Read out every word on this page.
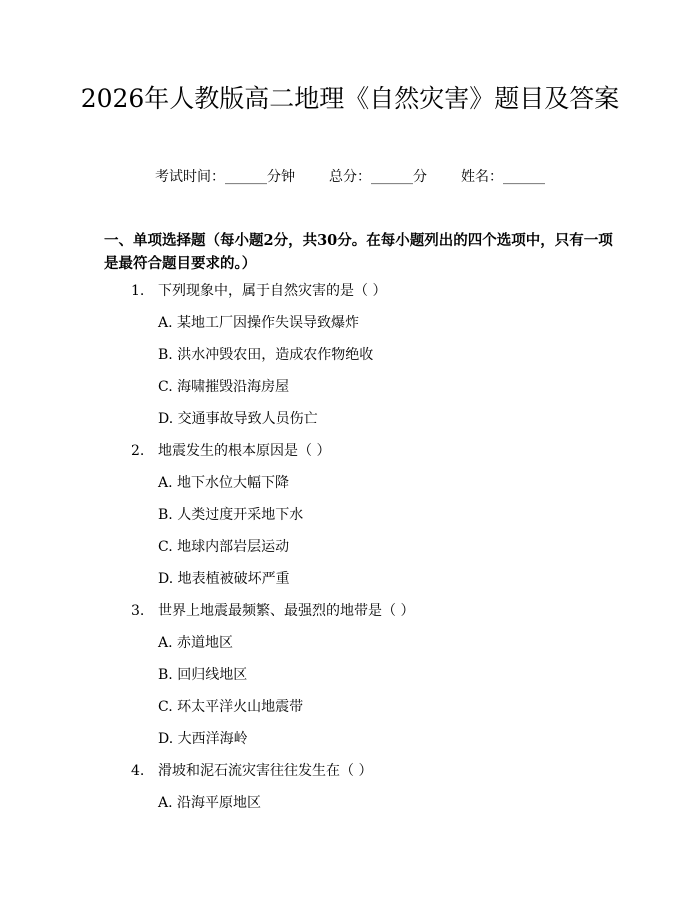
2026年人教版高二地理《自然灾害》题目及答案
考试时间：______分钟 总分：______分 姓名：______

一、单项选择题（每小题2分，共30分。在每小题列出的四个选项中，只有一项是最符合题目要求的。）

1. 下列现象中，属于自然灾害的是（ ）
A. 某地工厂因操作失误导致爆炸
B. 洪水冲毁农田，造成农作物绝收
C. 海啸摧毁沿海房屋
D. 交通事故导致人员伤亡
2. 地震发生的根本原因是（ ）
A. 地下水位大幅下降
B. 人类过度开采地下水
C. 地球内部岩层运动
D. 地表植被破坏严重
3. 世界上地震最频繁、最强烈的地带是（ ）
A. 赤道地区
B. 回归线地区
C. 环太平洋火山地震带
D. 大西洋海岭
4. 滑坡和泥石流灾害往往发生在（ ）
A. 沿海平原地区
